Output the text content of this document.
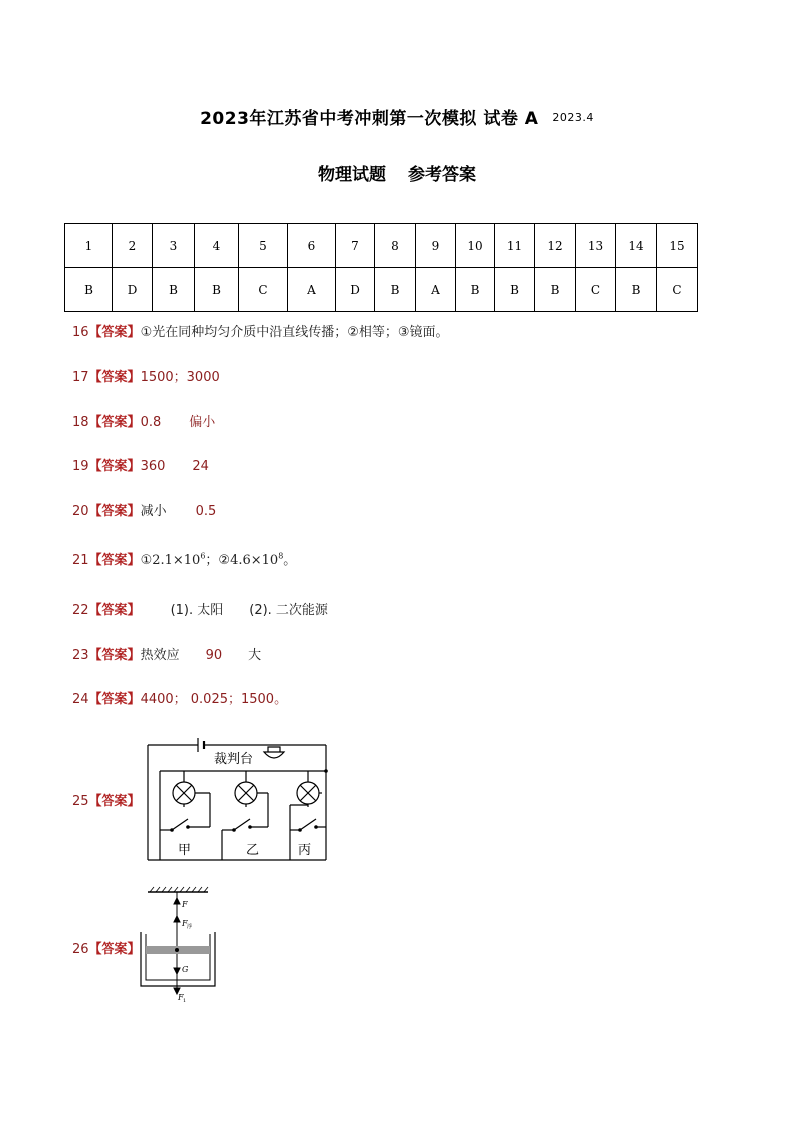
2023年江苏省中考冲刺第一次模拟 试卷 A 2023.4
物理试题 参考答案
1	2	3	4	5	6	7	8	9	10	11	12	13	14	15
B	D	B	B	C	A	D	B	A	B	B	B	C	B	C
16【答案】①光在同种均匀介质中沿直线传播；②相等；③镜面。
17【答案】1500；3000
18【答案】0.8 偏小
19【答案】360 24
20【答案】减小 0.5
21【答案】$①2.1\times 10^6$；$②4.6\times 10^8$。
22【答案】 (1). 太阳 (2). 二次能源
23【答案】热效应 90 大
24【答案】4400； 0.025；1500。
25【答案】
裁判台
甲	乙	丙
26【答案】
F
F 浮
G
F 1
